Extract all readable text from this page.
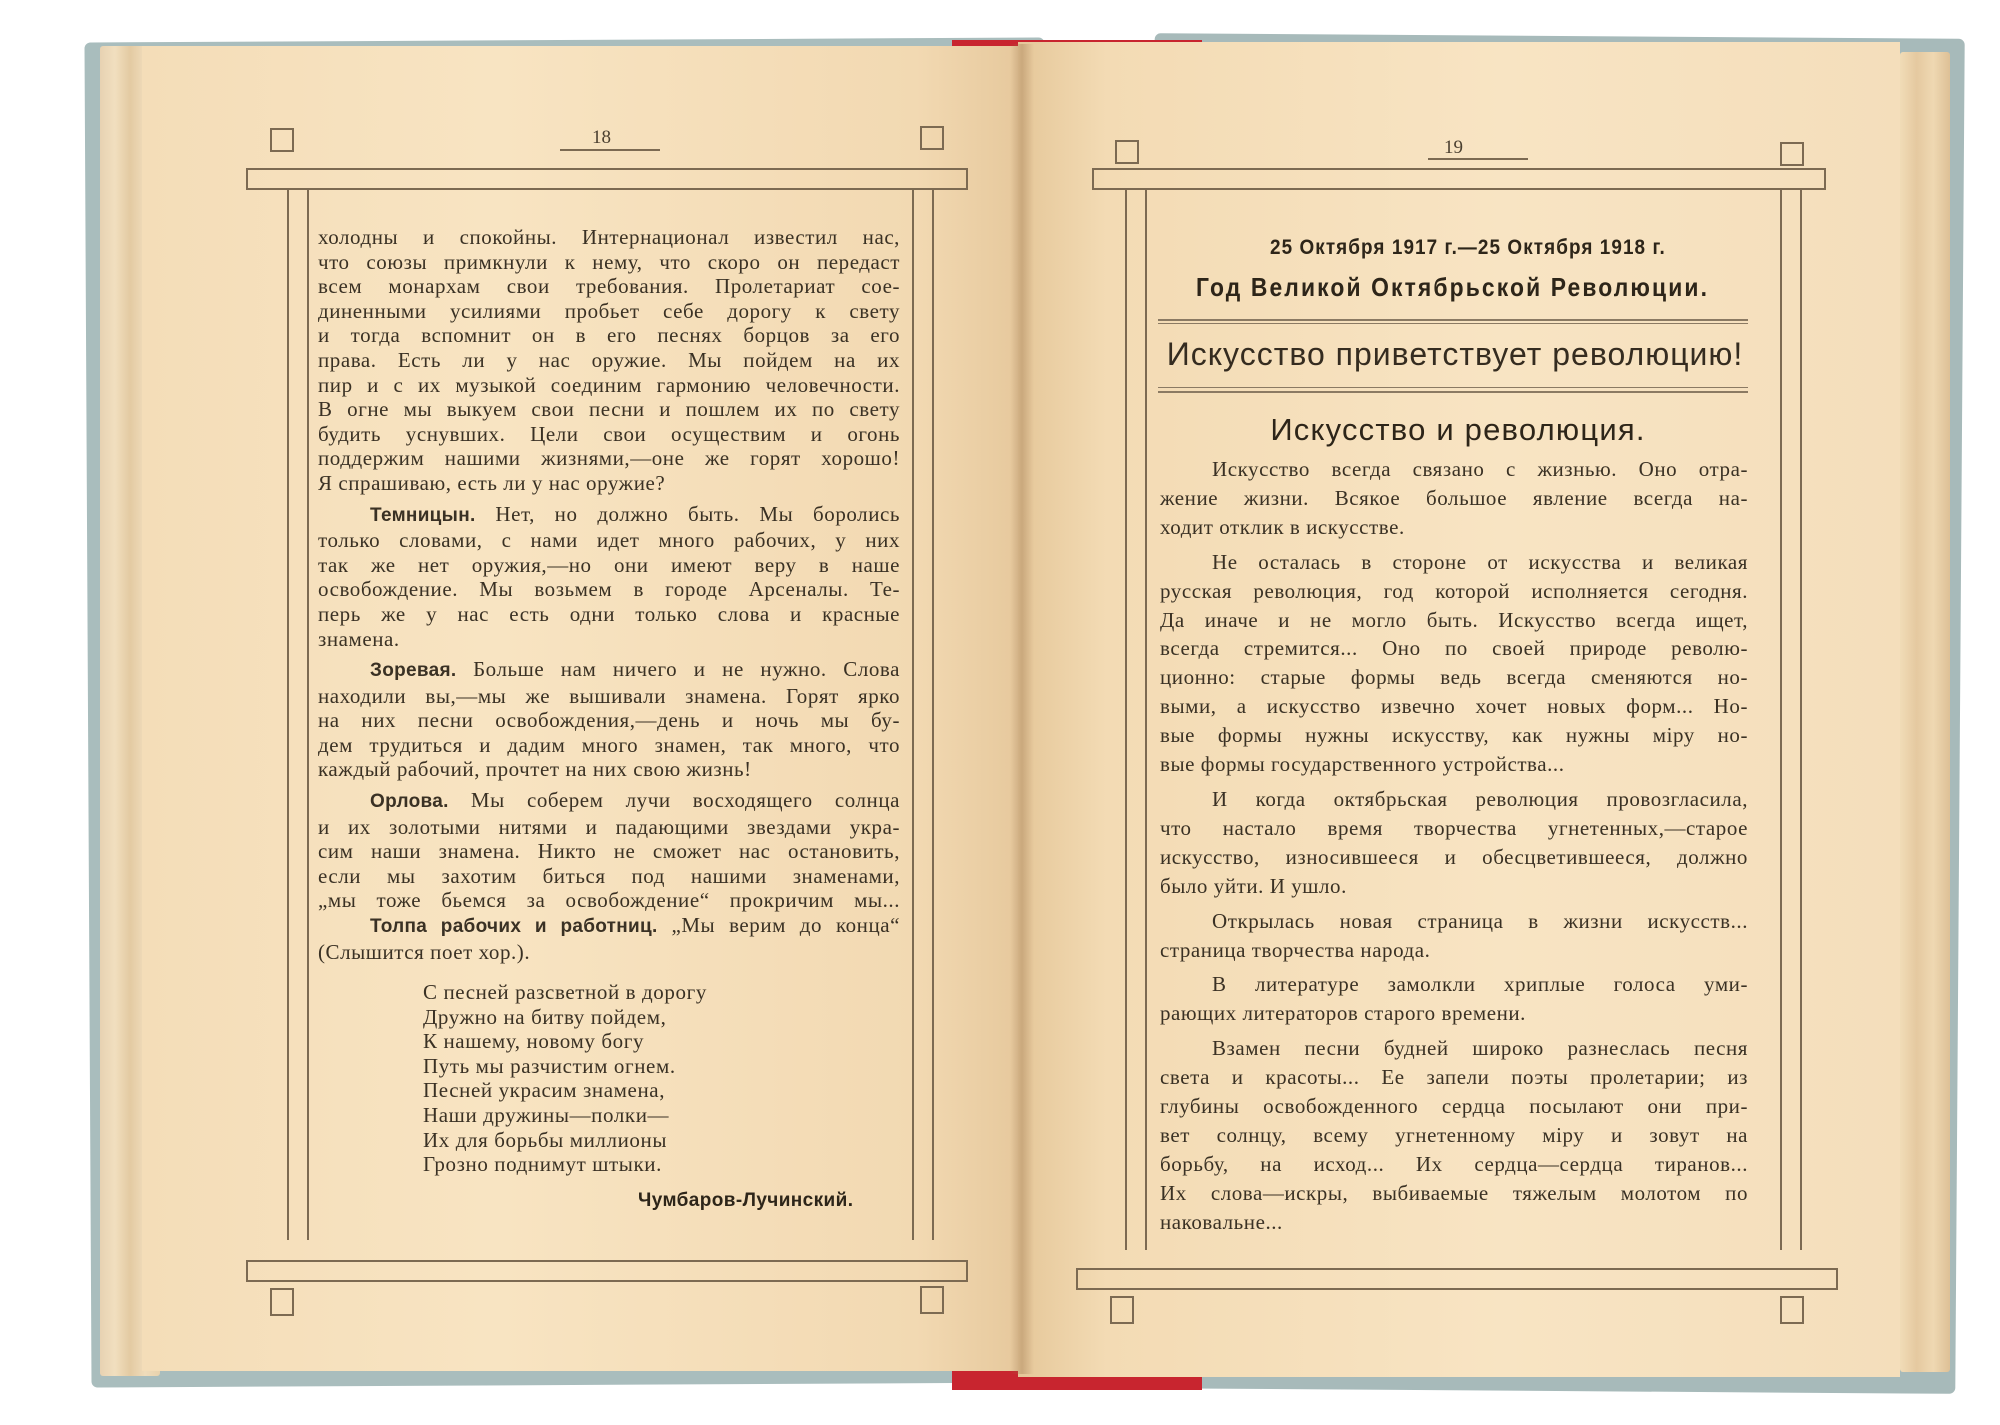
18
холодны и спокойны. Интернационал известил нас,
что союзы примкнули к нему, что скоро он передаст
всем монархам свои требования. Пролетариат сое-
диненными усилиями пробьет себе дорогу к свету
и тогда вспомнит он в его песнях борцов за его
права. Есть ли у нас оружие. Мы пойдем на их
пир и с их музыкой соединим гармонию человечности.
В огне мы выкуем свои песни и пошлем их по свету
будить уснувших. Цели свои осуществим и огонь
поддержим нашими жизнями,—оне же горят хорошо!
Я спрашиваю, есть ли у нас оружие?
Темницын. Нет, но должно быть. Мы боролись
только словами, с нами идет много рабочих, у них
так же нет оружия,—но они имеют веру в наше
освобождение. Мы возьмем в городе Арсеналы. Те-
перь же у нас есть одни только слова и красные
знамена.
Зоревая. Больше нам ничего и не нужно. Слова
находили вы,—мы же вышивали знамена. Горят ярко
на них песни освобождения,—день и ночь мы бу-
дем трудиться и дадим много знамен, так много, что
каждый рабочий, прочтет на них свою жизнь!
Орлова. Мы соберем лучи восходящего солнца
и их золотыми нитями и падающими звездами укра-
сим наши знамена. Никто не сможет нас остановить,
если мы захотим биться под нашими знаменами,
„мы тоже бьемся за освобождение“ прокричим мы...
Толпа рабочих и работниц. „Мы верим до конца“
(Слышится поет хор.).
С песней разсветной в дорогу
Дружно на битву пойдем,
К нашему, новому богу
Путь мы разчистим огнем.
Песней украсим знамена,
Наши дружины—полки—
Их для борьбы миллионы
Грозно поднимут штыки.
Чумбаров-Лучинский.
19
25 Октября 1917 г.—25 Октября 1918 г.
Год Великой Октябрьской Революции.
Искусство приветствует революцию!
Искусство и революция.
Искусство всегда связано с жизнью. Оно отра-
жение жизни. Всякое большое явление всегда на-
ходит отклик в искусстве.
Не осталась в стороне от искусства и великая
русская революция, год которой исполняется сегодня.
Да иначе и не могло быть. Искусство всегда ищет,
всегда стремится... Оно по своей природе револю-
ционно: старые формы ведь всегда сменяются но-
выми, а искусство извечно хочет новых форм... Но-
вые формы нужны искусству, как нужны міру но-
вые формы государственного устройства...
И когда октябрьская революция провозгласила,
что настало время творчества угнетенных,—старое
искусство, износившееся и обесцветившееся, должно
было уйти. И ушло.
Открылась новая страница в жизни искусств...
страница творчества народа.
В литературе замолкли хриплые голоса уми-
рающих литераторов старого времени.
Взамен песни будней широко разнеслась песня
света и красоты... Ее запели поэты пролетарии; из
глубины освобожденного сердца посылают они при-
вет солнцу, всему угнетенному міру и зовут на
борьбу, на исход... Их сердца—сердца тиранов...
Их слова—искры, выбиваемые тяжелым молотом по
наковальне...
